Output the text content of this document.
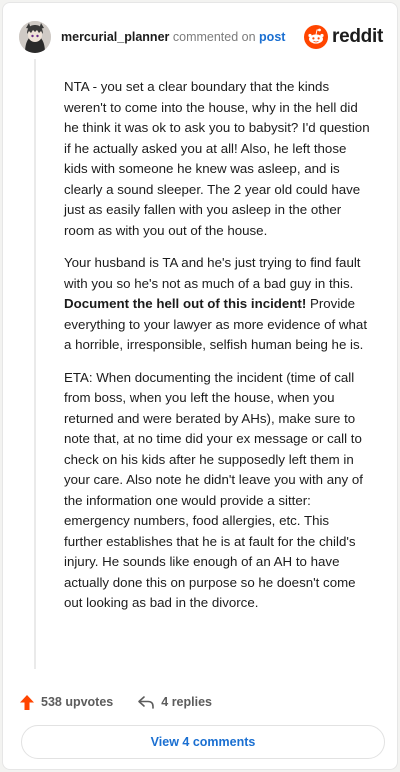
mercurial_planner commented on post reddit

NTA - you set a clear boundary that the kinds weren't to come into the house, why in the hell did he think it was ok to ask you to babysit? I'd question if he actually asked you at all! Also, he left those kids with someone he knew was asleep, and is clearly a sound sleeper. The 2 year old could have just as easily fallen with you asleep in the other room as with you out of the house.

Your husband is TA and he's just trying to find fault with you so he's not as much of a bad guy in this. Document the hell out of this incident! Provide everything to your lawyer as more evidence of what a horrible, irresponsible, selfish human being he is.

ETA: When documenting the incident (time of call from boss, when you left the house, when you returned and were berated by AHs), make sure to note that, at no time did your ex message or call to check on his kids after he supposedly left them in your care. Also note he didn't leave you with any of the information one would provide a sitter: emergency numbers, food allergies, etc. This further establishes that he is at fault for the child's injury. He sounds like enough of an AH to have actually done this on purpose so he doesn't come out looking as bad in the divorce.

538 upvotes	4 replies
View 4 comments
